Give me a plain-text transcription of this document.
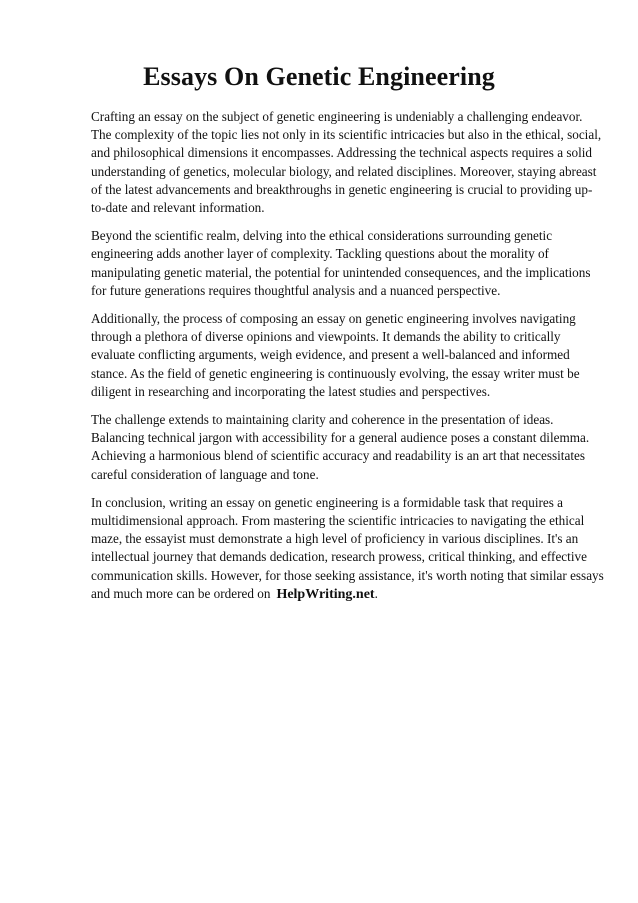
Essays On Genetic Engineering

Crafting an essay on the subject of genetic engineering is undeniably a challenging endeavor. The complexity of the topic lies not only in its scientific intricacies but also in the ethical, social, and philosophical dimensions it encompasses. Addressing the technical aspects requires a solid understanding of genetics, molecular biology, and related disciplines. Moreover, staying abreast of the latest advancements and breakthroughs in genetic engineering is crucial to providing up-to-date and relevant information.

Beyond the scientific realm, delving into the ethical considerations surrounding genetic engineering adds another layer of complexity. Tackling questions about the morality of manipulating genetic material, the potential for unintended consequences, and the implications for future generations requires thoughtful analysis and a nuanced perspective.

Additionally, the process of composing an essay on genetic engineering involves navigating through a plethora of diverse opinions and viewpoints. It demands the ability to critically evaluate conflicting arguments, weigh evidence, and present a well-balanced and informed stance. As the field of genetic engineering is continuously evolving, the essay writer must be diligent in researching and incorporating the latest studies and perspectives.

The challenge extends to maintaining clarity and coherence in the presentation of ideas. Balancing technical jargon with accessibility for a general audience poses a constant dilemma. Achieving a harmonious blend of scientific accuracy and readability is an art that necessitates careful consideration of language and tone.

In conclusion, writing an essay on genetic engineering is a formidable task that requires a multidimensional approach. From mastering the scientific intricacies to navigating the ethical maze, the essayist must demonstrate a high level of proficiency in various disciplines. It's an intellectual journey that demands dedication, research prowess, critical thinking, and effective communication skills. However, for those seeking assistance, it's worth noting that similar essays and much more can be ordered on HelpWriting.net.
